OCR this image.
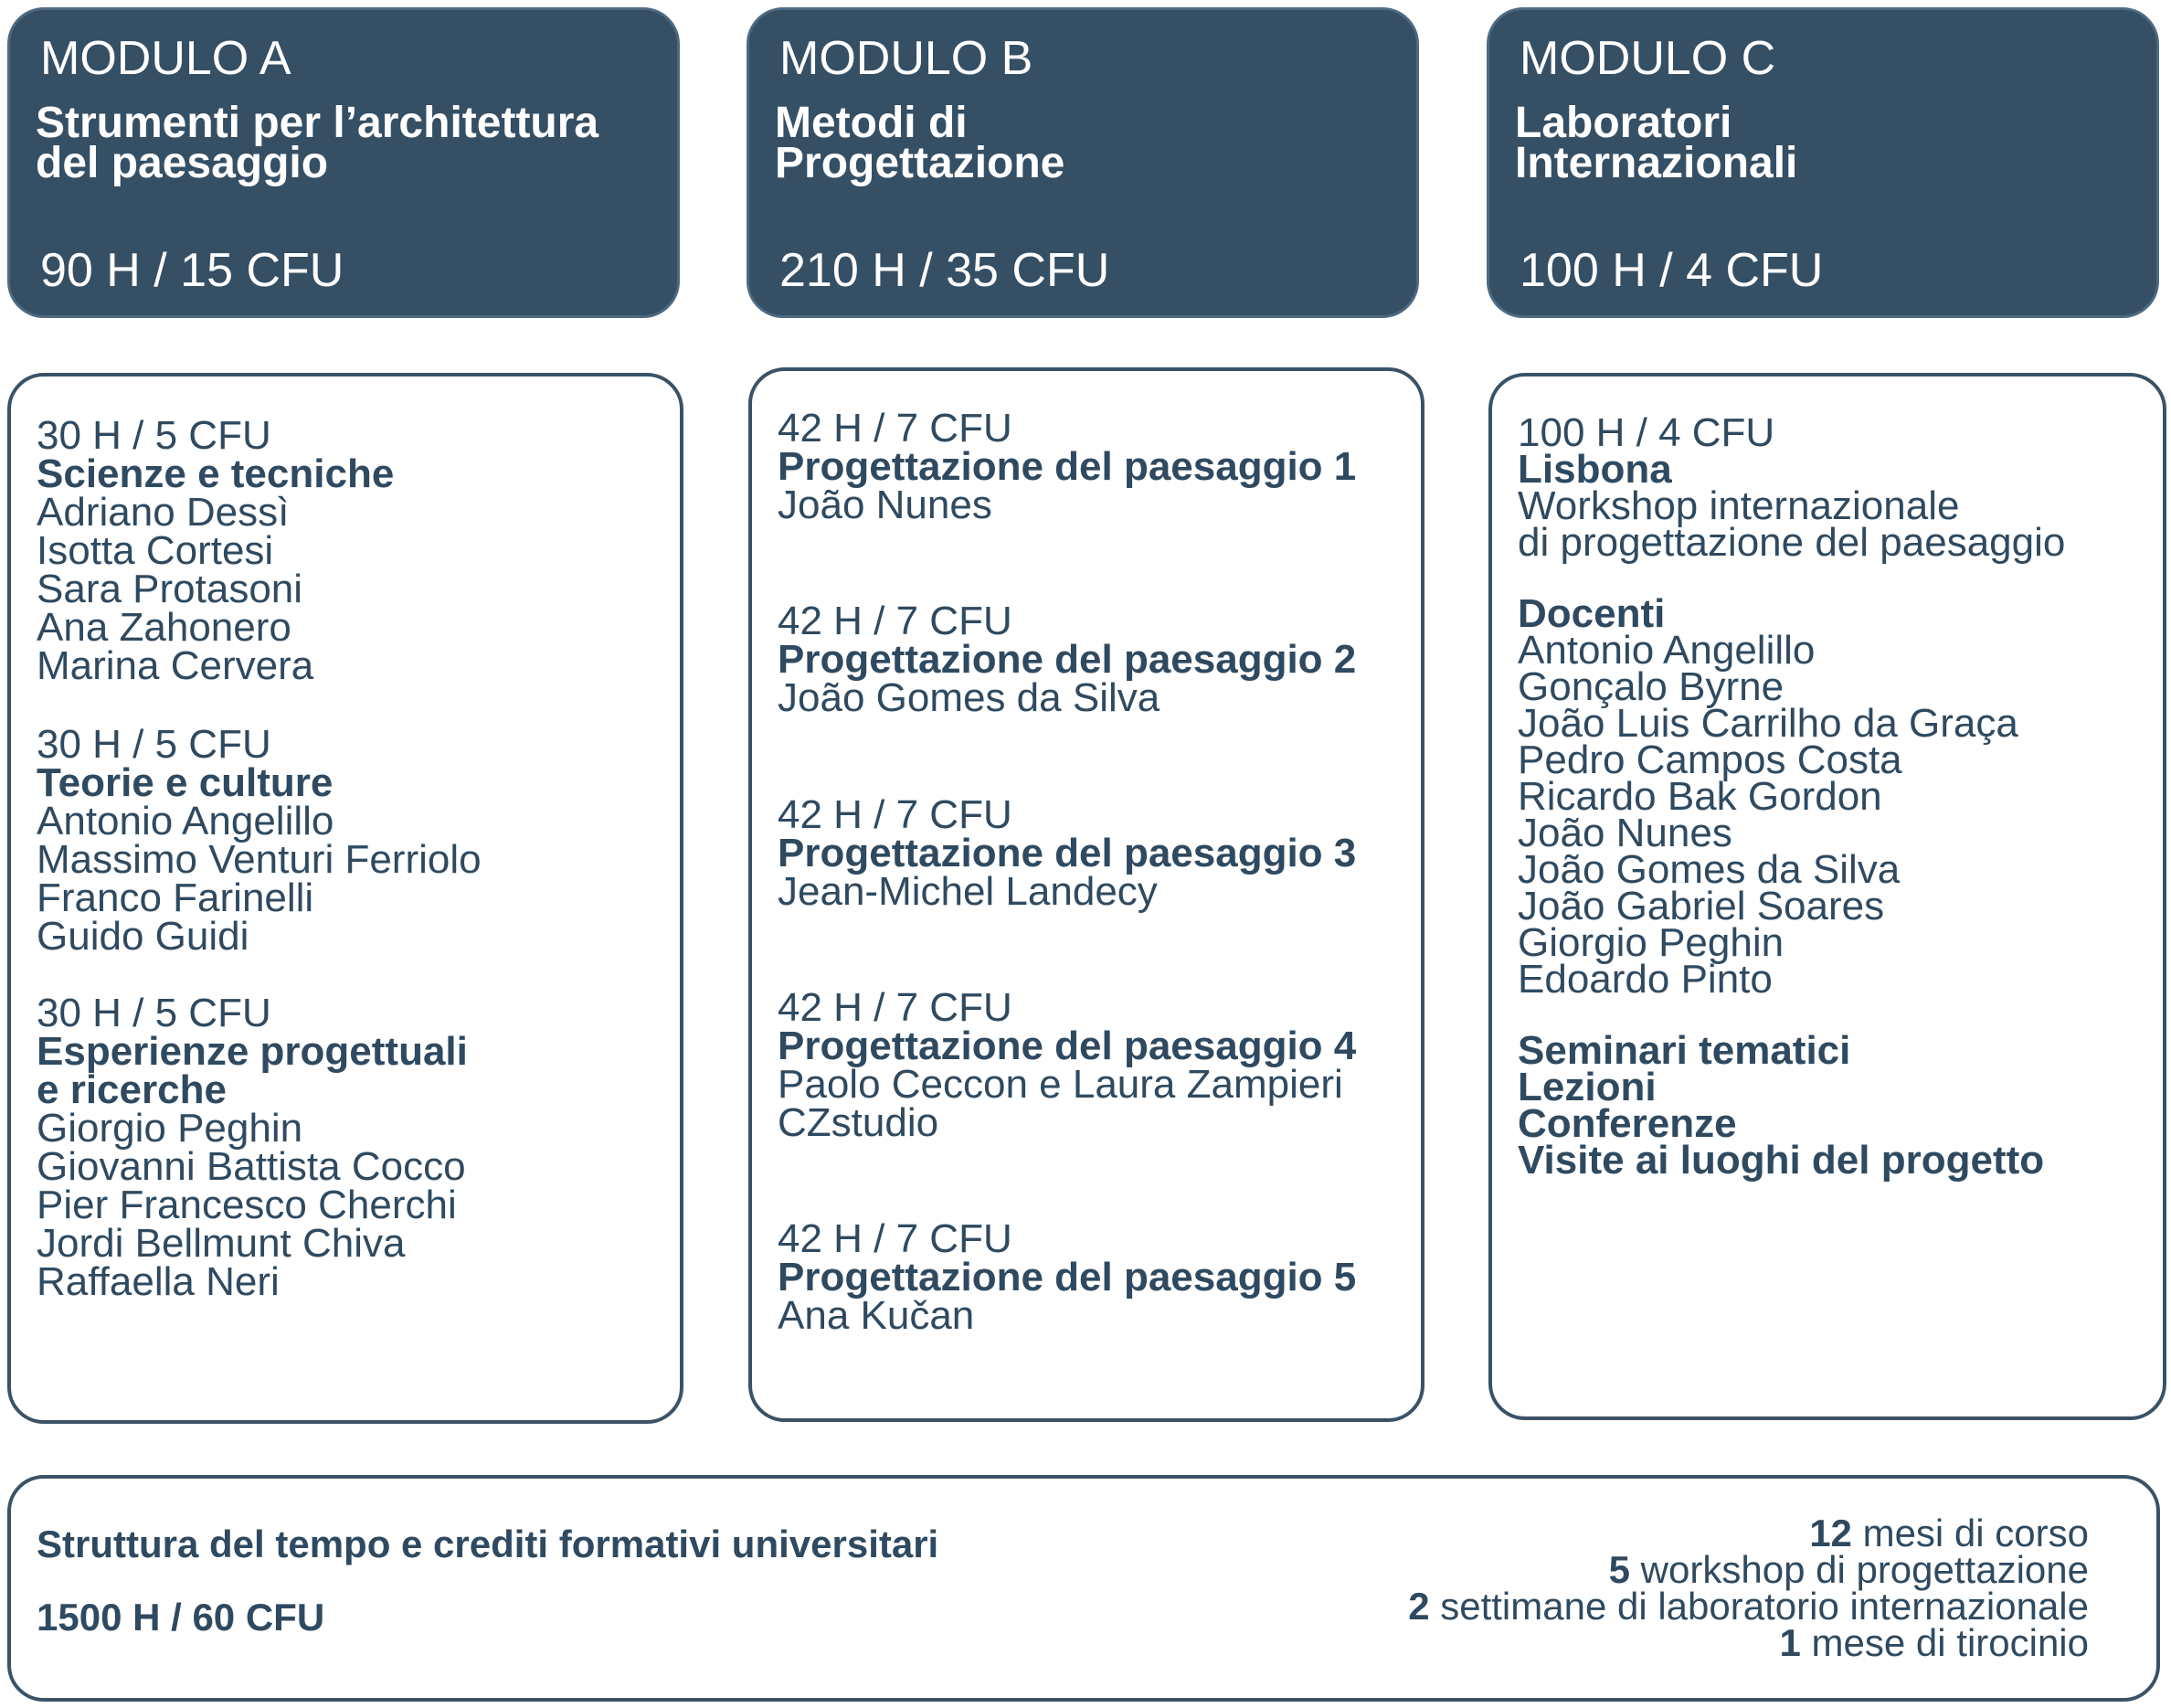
MODULO A
Strumenti per l’architettura
del paesaggio
90 H / 15 CFU
MODULO B
Metodi di
Progettazione
210 H / 35 CFU
MODULO C
Laboratori
Internazionali
100 H / 4 CFU
30 H / 5 CFU
Scienze e tecniche
Adriano Dessì
Isotta Cortesi
Sara Protasoni
Ana Zahonero
Marina Cervera
30 H / 5 CFU
Teorie e culture
Antonio Angelillo
Massimo Venturi Ferriolo
Franco Farinelli
Guido Guidi
30 H / 5 CFU
Esperienze progettuali
e ricerche
Giorgio Peghin
Giovanni Battista Cocco
Pier Francesco Cherchi
Jordi Bellmunt Chiva
Raffaella Neri
42 H / 7 CFU
Progettazione del paesaggio 1
João Nunes
42 H / 7 CFU
Progettazione del paesaggio 2
João Gomes da Silva
42 H / 7 CFU
Progettazione del paesaggio 3
Jean-Michel Landecy
42 H / 7 CFU
Progettazione del paesaggio 4
Paolo Ceccon e Laura Zampieri
CZstudio
42 H / 7 CFU
Progettazione del paesaggio 5
Ana Kučan
100 H / 4 CFU
Lisbona
Workshop internazionale
di progettazione del paesaggio
Docenti
Antonio Angelillo
Gonçalo Byrne
João Luis Carrilho da Graça
Pedro Campos Costa
Ricardo Bak Gordon
João Nunes
João Gomes da Silva
João Gabriel Soares
Giorgio Peghin
Edoardo Pinto
Seminari tematici
Lezioni
Conferenze
Visite ai luoghi del progetto
Struttura del tempo e crediti formativi universitari
1500 H / 60 CFU
12 mesi di corso
5 workshop di progettazione
2 settimane di laboratorio internazionale
1 mese di tirocinio
